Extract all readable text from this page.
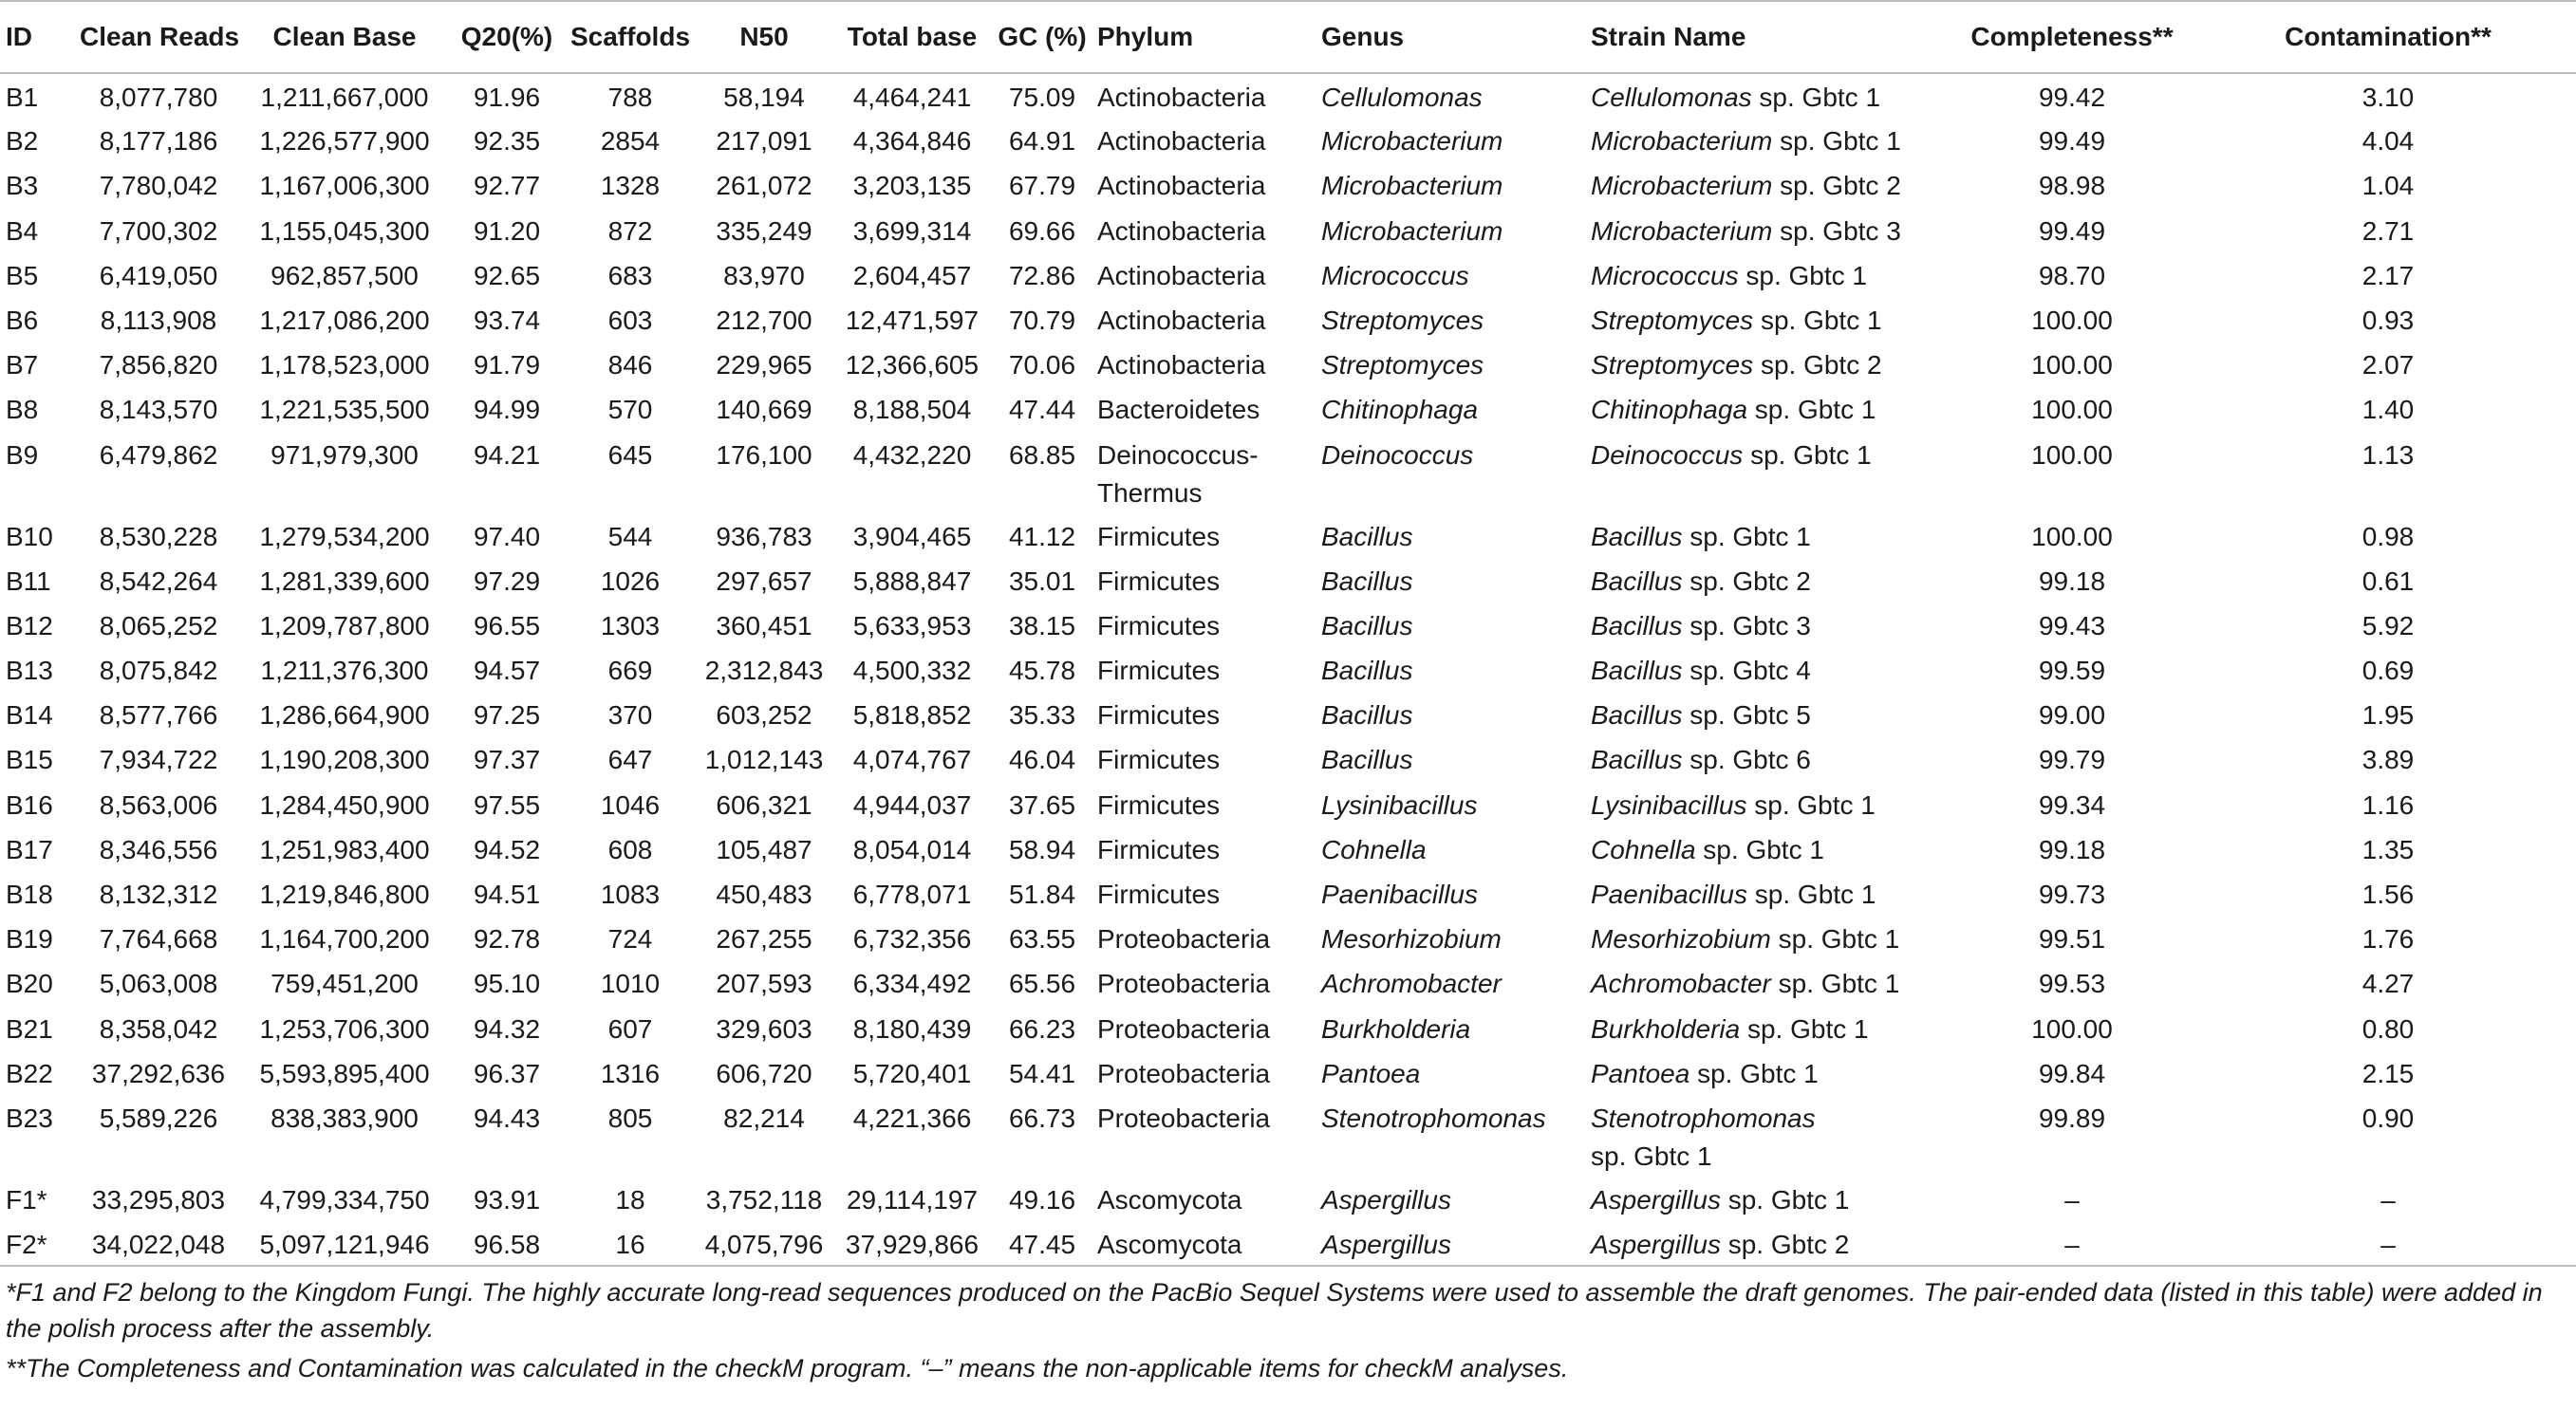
ID	Clean Reads	Clean Base	Q20(%)	Scaffolds	N50	Total base	GC (%)	Phylum	Genus	Strain Name	Completeness**	Contamination**
B1	8,077,780	1,211,667,000	91.96	788	58,194	4,464,241	75.09	Actinobacteria	Cellulomonas	Cellulomonas sp. Gbtc 1	99.42	3.10
B2	8,177,186	1,226,577,900	92.35	2854	217,091	4,364,846	64.91	Actinobacteria	Microbacterium	Microbacterium sp. Gbtc 1	99.49	4.04
B3	7,780,042	1,167,006,300	92.77	1328	261,072	3,203,135	67.79	Actinobacteria	Microbacterium	Microbacterium sp. Gbtc 2	98.98	1.04
B4	7,700,302	1,155,045,300	91.20	872	335,249	3,699,314	69.66	Actinobacteria	Microbacterium	Microbacterium sp. Gbtc 3	99.49	2.71
B5	6,419,050	962,857,500	92.65	683	83,970	2,604,457	72.86	Actinobacteria	Micrococcus	Micrococcus sp. Gbtc 1	98.70	2.17
B6	8,113,908	1,217,086,200	93.74	603	212,700	12,471,597	70.79	Actinobacteria	Streptomyces	Streptomyces sp. Gbtc 1	100.00	0.93
B7	7,856,820	1,178,523,000	91.79	846	229,965	12,366,605	70.06	Actinobacteria	Streptomyces	Streptomyces sp. Gbtc 2	100.00	2.07
B8	8,143,570	1,221,535,500	94.99	570	140,669	8,188,504	47.44	Bacteroidetes	Chitinophaga	Chitinophaga sp. Gbtc 1	100.00	1.40
B9	6,479,862	971,979,300	94.21	645	176,100	4,432,220	68.85	Deinococcus-Thermus	Deinococcus	Deinococcus sp. Gbtc 1	100.00	1.13
B10	8,530,228	1,279,534,200	97.40	544	936,783	3,904,465	41.12	Firmicutes	Bacillus	Bacillus sp. Gbtc 1	100.00	0.98
B11	8,542,264	1,281,339,600	97.29	1026	297,657	5,888,847	35.01	Firmicutes	Bacillus	Bacillus sp. Gbtc 2	99.18	0.61
B12	8,065,252	1,209,787,800	96.55	1303	360,451	5,633,953	38.15	Firmicutes	Bacillus	Bacillus sp. Gbtc 3	99.43	5.92
B13	8,075,842	1,211,376,300	94.57	669	2,312,843	4,500,332	45.78	Firmicutes	Bacillus	Bacillus sp. Gbtc 4	99.59	0.69
B14	8,577,766	1,286,664,900	97.25	370	603,252	5,818,852	35.33	Firmicutes	Bacillus	Bacillus sp. Gbtc 5	99.00	1.95
B15	7,934,722	1,190,208,300	97.37	647	1,012,143	4,074,767	46.04	Firmicutes	Bacillus	Bacillus sp. Gbtc 6	99.79	3.89
B16	8,563,006	1,284,450,900	97.55	1046	606,321	4,944,037	37.65	Firmicutes	Lysinibacillus	Lysinibacillus sp. Gbtc 1	99.34	1.16
B17	8,346,556	1,251,983,400	94.52	608	105,487	8,054,014	58.94	Firmicutes	Cohnella	Cohnella sp. Gbtc 1	99.18	1.35
B18	8,132,312	1,219,846,800	94.51	1083	450,483	6,778,071	51.84	Firmicutes	Paenibacillus	Paenibacillus sp. Gbtc 1	99.73	1.56
B19	7,764,668	1,164,700,200	92.78	724	267,255	6,732,356	63.55	Proteobacteria	Mesorhizobium	Mesorhizobium sp. Gbtc 1	99.51	1.76
B20	5,063,008	759,451,200	95.10	1010	207,593	6,334,492	65.56	Proteobacteria	Achromobacter	Achromobacter sp. Gbtc 1	99.53	4.27
B21	8,358,042	1,253,706,300	94.32	607	329,603	8,180,439	66.23	Proteobacteria	Burkholderia	Burkholderia sp. Gbtc 1	100.00	0.80
B22	37,292,636	5,593,895,400	96.37	1316	606,720	5,720,401	54.41	Proteobacteria	Pantoea	Pantoea sp. Gbtc 1	99.84	2.15
B23	5,589,226	838,383,900	94.43	805	82,214	4,221,366	66.73	Proteobacteria	Stenotrophomonas	Stenotrophomonas sp. Gbtc 1	99.89	0.90
F1*	33,295,803	4,799,334,750	93.91	18	3,752,118	29,114,197	49.16	Ascomycota	Aspergillus	Aspergillus sp. Gbtc 1	–	–
F2*	34,022,048	5,097,121,946	96.58	16	4,075,796	37,929,866	47.45	Ascomycota	Aspergillus	Aspergillus sp. Gbtc 2	–	–

*F1 and F2 belong to the Kingdom Fungi. The highly accurate long-read sequences produced on the PacBio Sequel Systems were used to assemble the draft genomes. The pair-ended data (listed in this table) were added in the polish process after the assembly.

**The Completeness and Contamination was calculated in the checkM program. “–” means the non-applicable items for checkM analyses.
